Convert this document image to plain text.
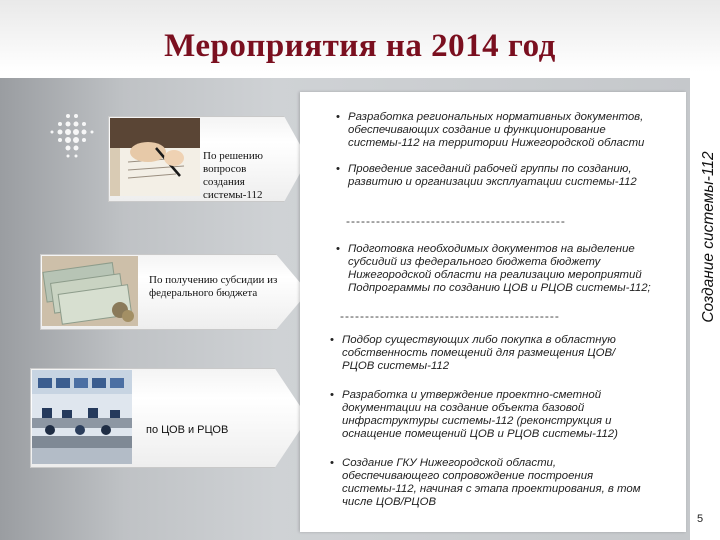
Мероприятия на 2014 год
По решению вопросов создания системы-112
По получению субсидии из федерального бюджета
по ЦОВ и РЦОВ
• Разработка региональных нормативных документов, обеспечивающих создание и функционирование системы-112 на территории Нижегородской области
• Проведение заседаний рабочей группы по созданию, развитию и организации эксплуатации системы-112
--------------------------------------------
• Подготовка необходимых документов на выделение субсидий из федерального бюджета бюджету Нижегородской области на реализацию мероприятий Подпрограммы по созданию ЦОВ и РЦОВ системы-112;
--------------------------------------------
• Подбор существующих либо покупка в областную собственность помещений для размещения ЦОВ/РЦОВ системы-112
• Разработка и утверждение проектно-сметной документации на создание объекта базовой инфраструктуры системы-112 (реконструкция и оснащение помещений ЦОВ и РЦОВ системы-112)
• Создание ГКУ Нижегородской области, обеспечивающего сопровождение построения системы-112, начиная с этапа проектирования, в том числе ЦОВ/РЦОВ
Создание системы-112
5
